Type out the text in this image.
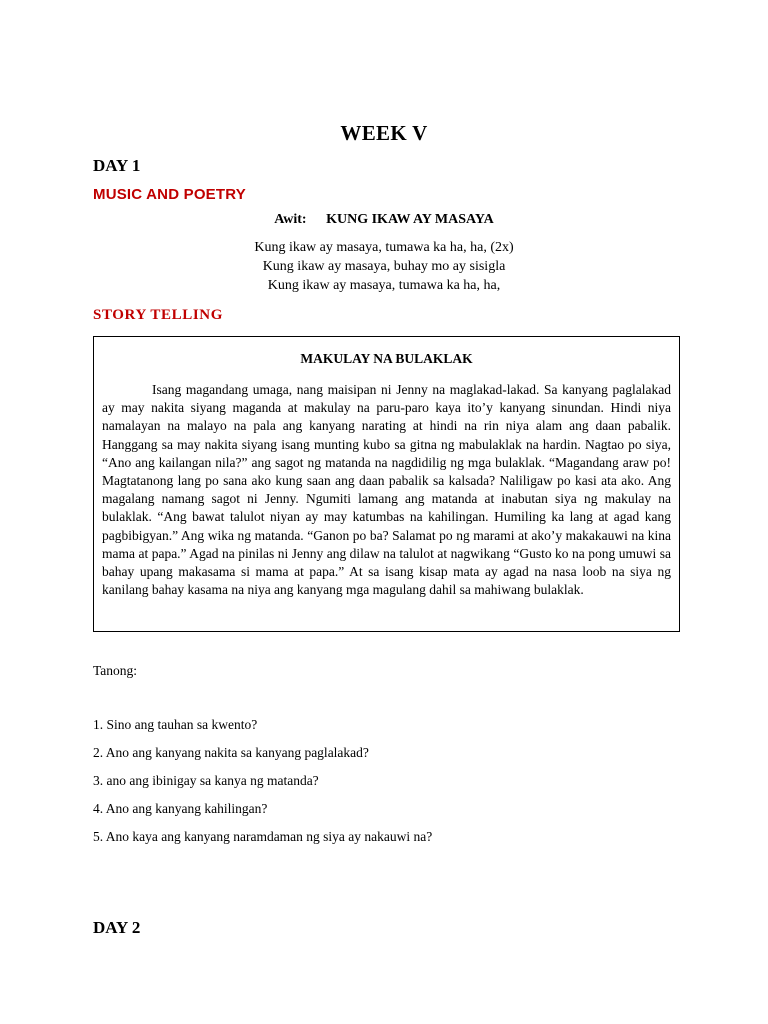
WEEK V
DAY 1
MUSIC AND POETRY
Awit: KUNG IKAW AY MASAYA
Kung ikaw ay masaya, tumawa ka ha, ha, (2x)
Kung ikaw ay masaya, buhay mo ay sisigla
Kung ikaw ay masaya, tumawa ka ha, ha,
STORY TELLING
MAKULAY NA BULAKLAK

Isang magandang umaga, nang maisipan ni Jenny na maglakad-lakad. Sa kanyang paglalakad ay may nakita siyang maganda at makulay na paru-paro kaya ito’y kanyang sinundan. Hindi niya namalayan na malayo na pala ang kanyang narating at hindi na rin niya alam ang daan pabalik. Hanggang sa may nakita siyang isang munting kubo sa gitna ng mabulaklak na hardin. Nagtao po siya, “Ano ang kailangan nila?” ang sagot ng matanda na nagdidilig ng mga bulaklak. “Magandang araw po! Magtatanong lang po sana ako kung saan ang daan pabalik sa kalsada? Naliligaw po kasi ata ako. Ang magalang namang sagot ni Jenny. Ngumiti lamang ang matanda at inabutan siya ng makulay na bulaklak. “Ang bawat talulot niyan ay may katumbas na kahilingan. Humiling ka lang at agad kang pagbibigyan.” Ang wika ng matanda. “Ganon po ba? Salamat po ng marami at ako’y makakauwi na kina mama at papa.” Agad na pinilas ni Jenny ang dilaw na talulot at nagwikang “Gusto ko na pong umuwi sa bahay upang makasama si mama at papa.” At sa isang kisap mata ay agad na nasa loob na siya ng kanilang bahay kasama na niya ang kanyang mga magulang dahil sa mahiwang bulaklak.

Tanong:
1. Sino ang tauhan sa kwento?
2. Ano ang kanyang nakita sa kanyang paglalakad?
3. ano ang ibinigay sa kanya ng matanda?
4. Ano ang kanyang kahilingan?
5. Ano kaya ang kanyang naramdaman ng siya ay nakauwi na?
DAY 2
